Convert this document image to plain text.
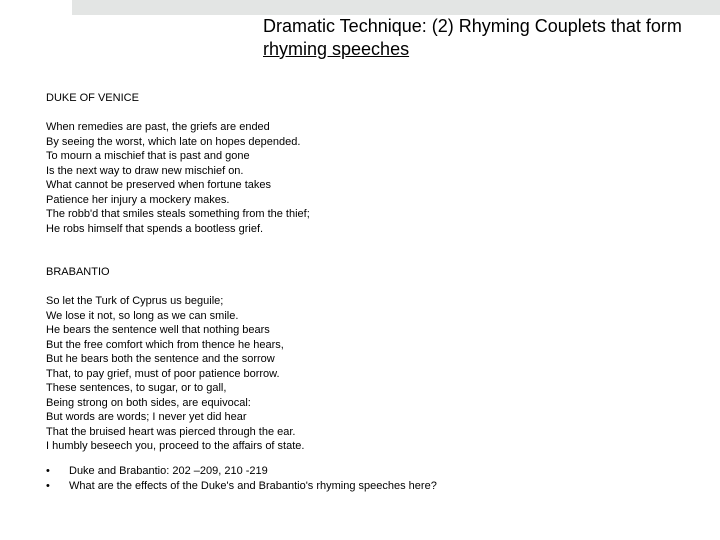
Dramatic Technique: (2) Rhyming Couplets that form rhyming speeches

DUKE OF VENICE

When remedies are past, the griefs are ended
By seeing the worst, which late on hopes depended.
To mourn a mischief that is past and gone
Is the next way to draw new mischief on.
What cannot be preserved when fortune takes
Patience her injury a mockery makes.
The robb'd that smiles steals something from the thief;
He robs himself that spends a bootless grief.

BRABANTIO

So let the Turk of Cyprus us beguile;
We lose it not, so long as we can smile.
He bears the sentence well that nothing bears
But the free comfort which from thence he hears,
But he bears both the sentence and the sorrow
That, to pay grief, must of poor patience borrow.
These sentences, to sugar, or to gall,
Being strong on both sides, are equivocal:
But words are words; I never yet did hear
That the bruised heart was pierced through the ear.
I humbly beseech you, proceed to the affairs of state.

• Duke and Brabantio: 202 –209, 210 -219
• What are the effects of the Duke's and Brabantio's rhyming speeches here?
